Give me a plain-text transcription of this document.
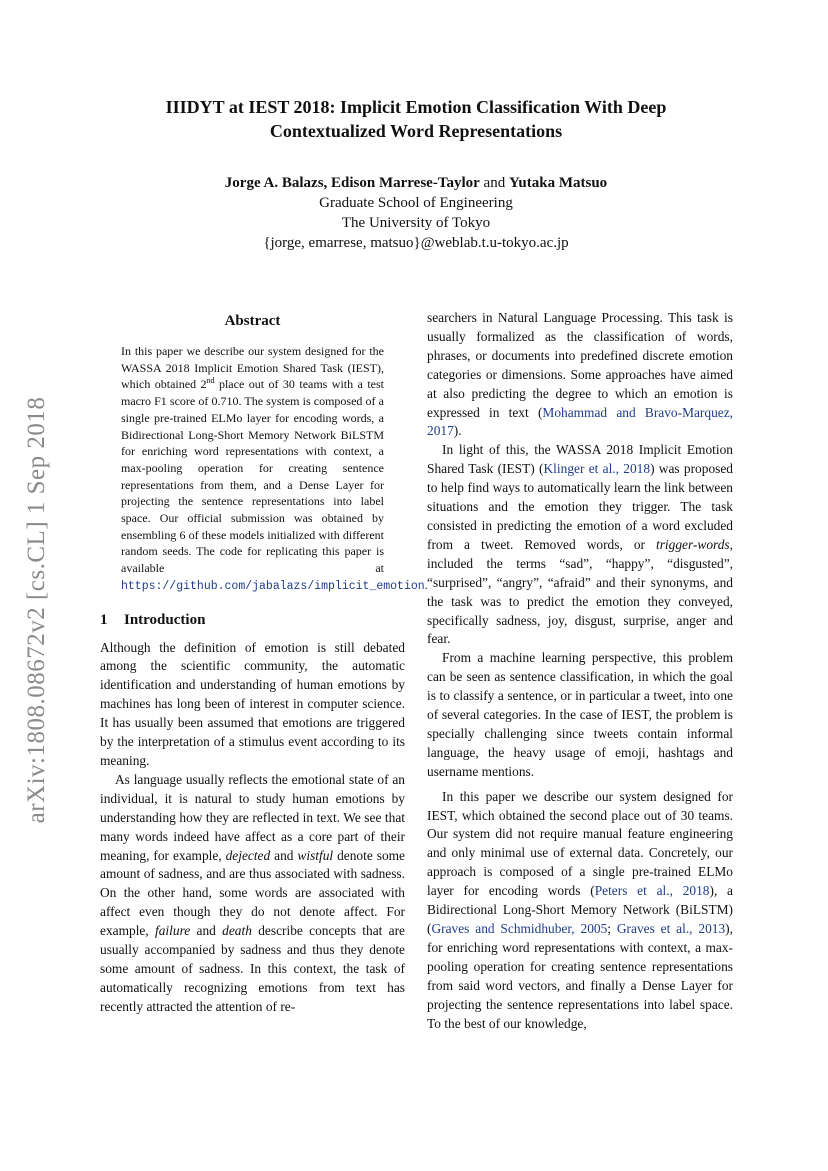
arXiv:1808.08672v2 [cs.CL] 1 Sep 2018
IIIDYT at IEST 2018: Implicit Emotion Classification With Deep
Contextualized Word Representations
Jorge A. Balazs, Edison Marrese-Taylor and Yutaka Matsuo
Graduate School of Engineering
The University of Tokyo
{jorge, emarrese, matsuo}@weblab.t.u-tokyo.ac.jp
Abstract
In this paper we describe our system designed for the WASSA 2018 Implicit Emotion Shared Task (IEST), which obtained 2nd place out of 30 teams with a test macro F1 score of 0.710. The system is composed of a single pre-trained ELMo layer for encoding words, a Bidirectional Long-Short Memory Network BiLSTM for enriching word representations with context, a max-pooling operation for creating sentence representations from them, and a Dense Layer for projecting the sentence representations into label space. Our official submission was obtained by ensembling 6 of these models initialized with different random seeds. The code for replicating this paper is available at https://github.com/jabalazs/implicit_emotion.
1 Introduction

Although the definition of emotion is still debated among the scientific community, the automatic identification and understanding of human emotions by machines has long been of interest in computer science. It has usually been assumed that emotions are triggered by the interpretation of a stimulus event according to its meaning.

As language usually reflects the emotional state of an individual, it is natural to study human emotions by understanding how they are reflected in text. We see that many words indeed have affect as a core part of their meaning, for example, dejected and wistful denote some amount of sadness, and are thus associated with sadness. On the other hand, some words are associated with affect even though they do not denote affect. For example, failure and death describe concepts that are usually accompanied by sadness and thus they denote some amount of sadness. In this context, the task of automatically recognizing emotions from text has recently attracted the attention of re-

searchers in Natural Language Processing. This task is usually formalized as the classification of words, phrases, or documents into predefined discrete emotion categories or dimensions. Some approaches have aimed at also predicting the degree to which an emotion is expressed in text (Mohammad and Bravo-Marquez, 2017).

In light of this, the WASSA 2018 Implicit Emotion Shared Task (IEST) (Klinger et al., 2018) was proposed to help find ways to automatically learn the link between situations and the emotion they trigger. The task consisted in predicting the emotion of a word excluded from a tweet. Removed words, or trigger-words, included the terms “sad”, “happy”, “disgusted”, “surprised”, “angry”, “afraid” and their synonyms, and the task was to predict the emotion they conveyed, specifically sadness, joy, disgust, surprise, anger and fear.

From a machine learning perspective, this problem can be seen as sentence classification, in which the goal is to classify a sentence, or in particular a tweet, into one of several categories. In the case of IEST, the problem is specially challenging since tweets contain informal language, the heavy usage of emoji, hashtags and username mentions.

In this paper we describe our system designed for IEST, which obtained the second place out of 30 teams. Our system did not require manual feature engineering and only minimal use of external data. Concretely, our approach is composed of a single pre-trained ELMo layer for encoding words (Peters et al., 2018), a Bidirectional Long-Short Memory Network (BiLSTM) (Graves and Schmidhuber, 2005; Graves et al., 2013), for enriching word representations with context, a max-pooling operation for creating sentence representations from said word vectors, and finally a Dense Layer for projecting the sentence representations into label space. To the best of our knowledge,
